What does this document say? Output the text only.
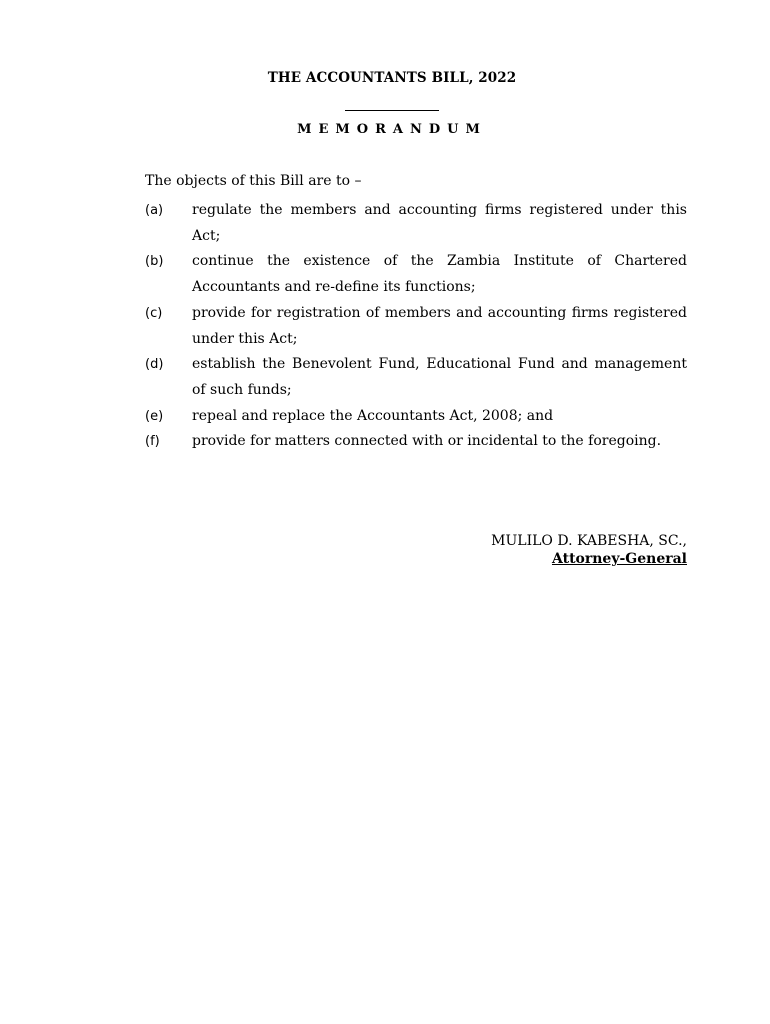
THE ACCOUNTANTS BILL, 2022
MEMORANDUM
The objects of this Bill are to –
(a)	regulate the members and accounting firms registered under this Act;
(b)	continue the existence of the Zambia Institute of Chartered Accountants and re-define its functions;
(c)	provide for registration of members and accounting firms registered under this Act;
(d)	establish the Benevolent Fund, Educational Fund and management of such funds;
(e)	repeal and replace the Accountants Act, 2008; and
(f)	provide for matters connected with or incidental to the foregoing.
MULILO D. KABESHA, SC.,
Attorney-General
